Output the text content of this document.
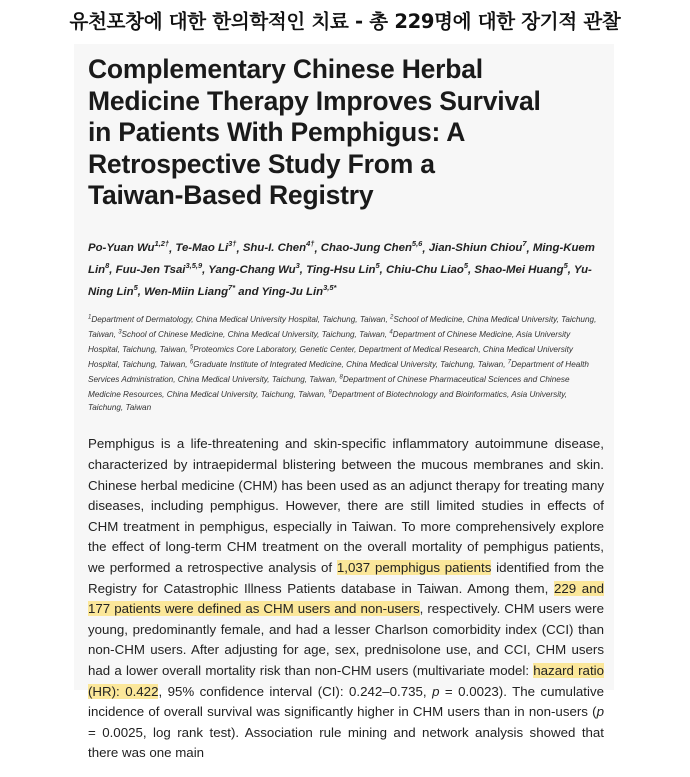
유천포창에 대한 한의학적인 치료 - 총 229명에 대한 장기적 관찰
Complementary Chinese Herbal
Medicine Therapy Improves Survival
in Patients With Pemphigus: A
Retrospective Study From a
Taiwan-Based Registry
Po-Yuan $Wu^{1,2\dagger}$, Te-Mao $Li^{3\dagger}$, Shu-I. Chen$^{4\dagger}$, Chao-Jung Chen$^{5,6}$, Jian-Shiun Chiou$^7$, Ming-Kuem Lin$^8$, Fuu-Jen Tsai$^{3,5,9}$, Yang-Chang Wu$^3$, Ting-Hsu Lin$^5$, Chiu-Chu Liao$^5$, Shao-Mei Huang$^5$, Yu-Ning Lin$^5$, Wen-Miin Liang$^{7*}$ and Ying-Ju Lin$^{3,5*}$
$^1$Department of Dermatology, China Medical University Hospital, Taichung, Taiwan, $^2$School of Medicine, China Medical University, Taichung, Taiwan, $^3$School of Chinese Medicine, China Medical University, Taichung, Taiwan, $^4$Department of Chinese Medicine, Asia University Hospital, Taichung, Taiwan, $^5$Proteomics Core Laboratory, Genetic Center, Department of Medical Research, China Medical University Hospital, Taichung, Taiwan, $^6$Graduate Institute of Integrated Medicine, China Medical University, Taichung, Taiwan, $^7$Department of Health Services Administration, China Medical University, Taichung, Taiwan, $^8$Department of Chinese Pharmaceutical Sciences and Chinese Medicine Resources, China Medical University, Taichung, Taiwan, $^9$Department of Biotechnology and Bioinformatics, Asia University, Taichung, Taiwan

Pemphigus is a life-threatening and skin-specific inflammatory autoimmune disease, characterized by intraepidermal blistering between the mucous membranes and skin. Chinese herbal medicine (CHM) has been used as an adjunct therapy for treating many diseases, including pemphigus. However, there are still limited studies in effects of CHM treatment in pemphigus, especially in Taiwan. To more comprehensively explore the effect of long-term CHM treatment on the overall mortality of pemphigus patients, we performed a retrospective analysis of 1,037 pemphigus patients identified from the Registry for Catastrophic Illness Patients database in Taiwan. Among them, 229 and 177 patients were defined as CHM users and non-users, respectively. CHM users were young, predominantly female, and had a lesser Charlson comorbidity index (CCI) than non-CHM users. After adjusting for age, sex, prednisolone use, and CCI, CHM users had a lower overall mortality risk than non-CHM users (multivariate model: hazard ratio (HR): 0.422, 95% confidence interval (CI): 0.242–0.735, p = 0.0023). The cumulative incidence of overall survival was significantly higher in CHM users than in non-users (p = 0.0025, log rank test). Association rule mining and network analysis showed that there was one main
